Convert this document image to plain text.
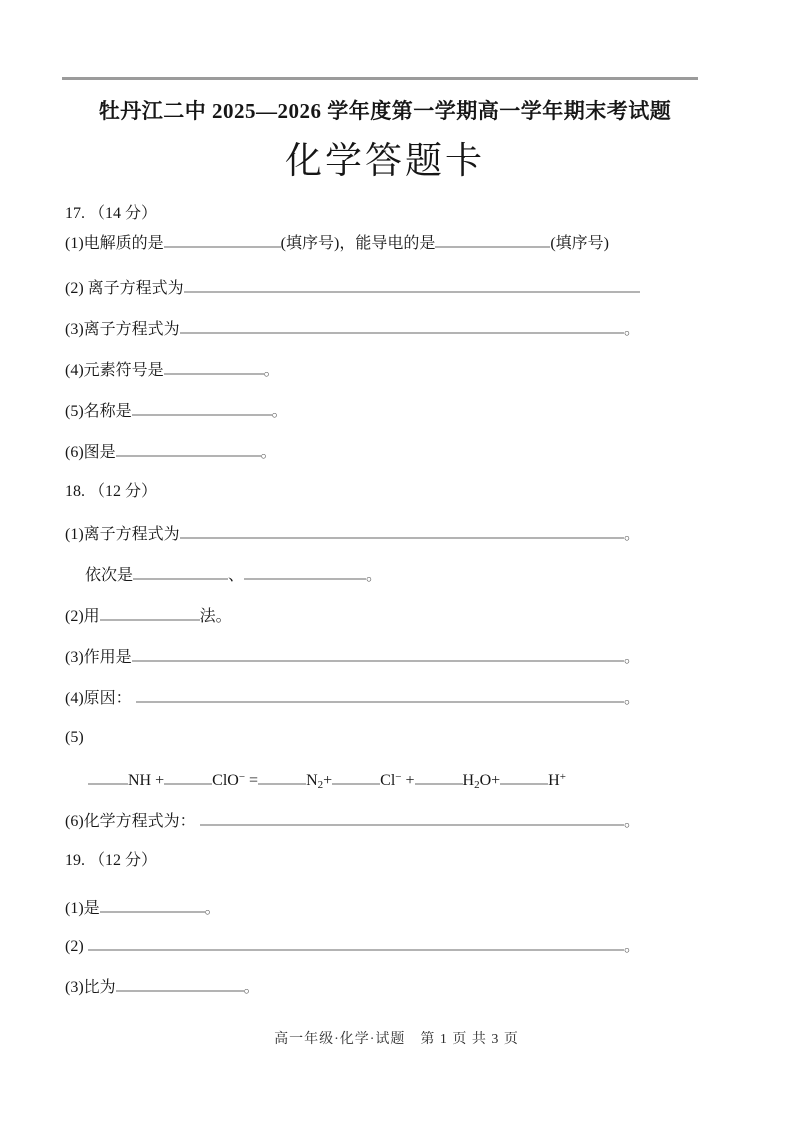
牡丹江二中 2025—2026 学年度第一学期高一学年期末考试题
化学答题卡
17. （14 分）
(1)电解质的是	(填序号)，能导电的是	(填序号)
(2) 离子方程式为
(3)离子方程式为	。
(4)元素符号是	。
(5)名称是	。
(6)图是	。
18. （12 分）
(1)离子方程式为	。
依次是	、	。
(2)用	法。
(3)作用是	。
(4)原因：	。
(5)
NH +	ClO− =	$N_2+$	Cl− +	$H_2O+$	H+
(6)化学方程式为：	。
19. （12 分）
(1)是	。
(2)	。
(3)比为	。
高一年级·化学·试题　第 1 页 共 3 页
